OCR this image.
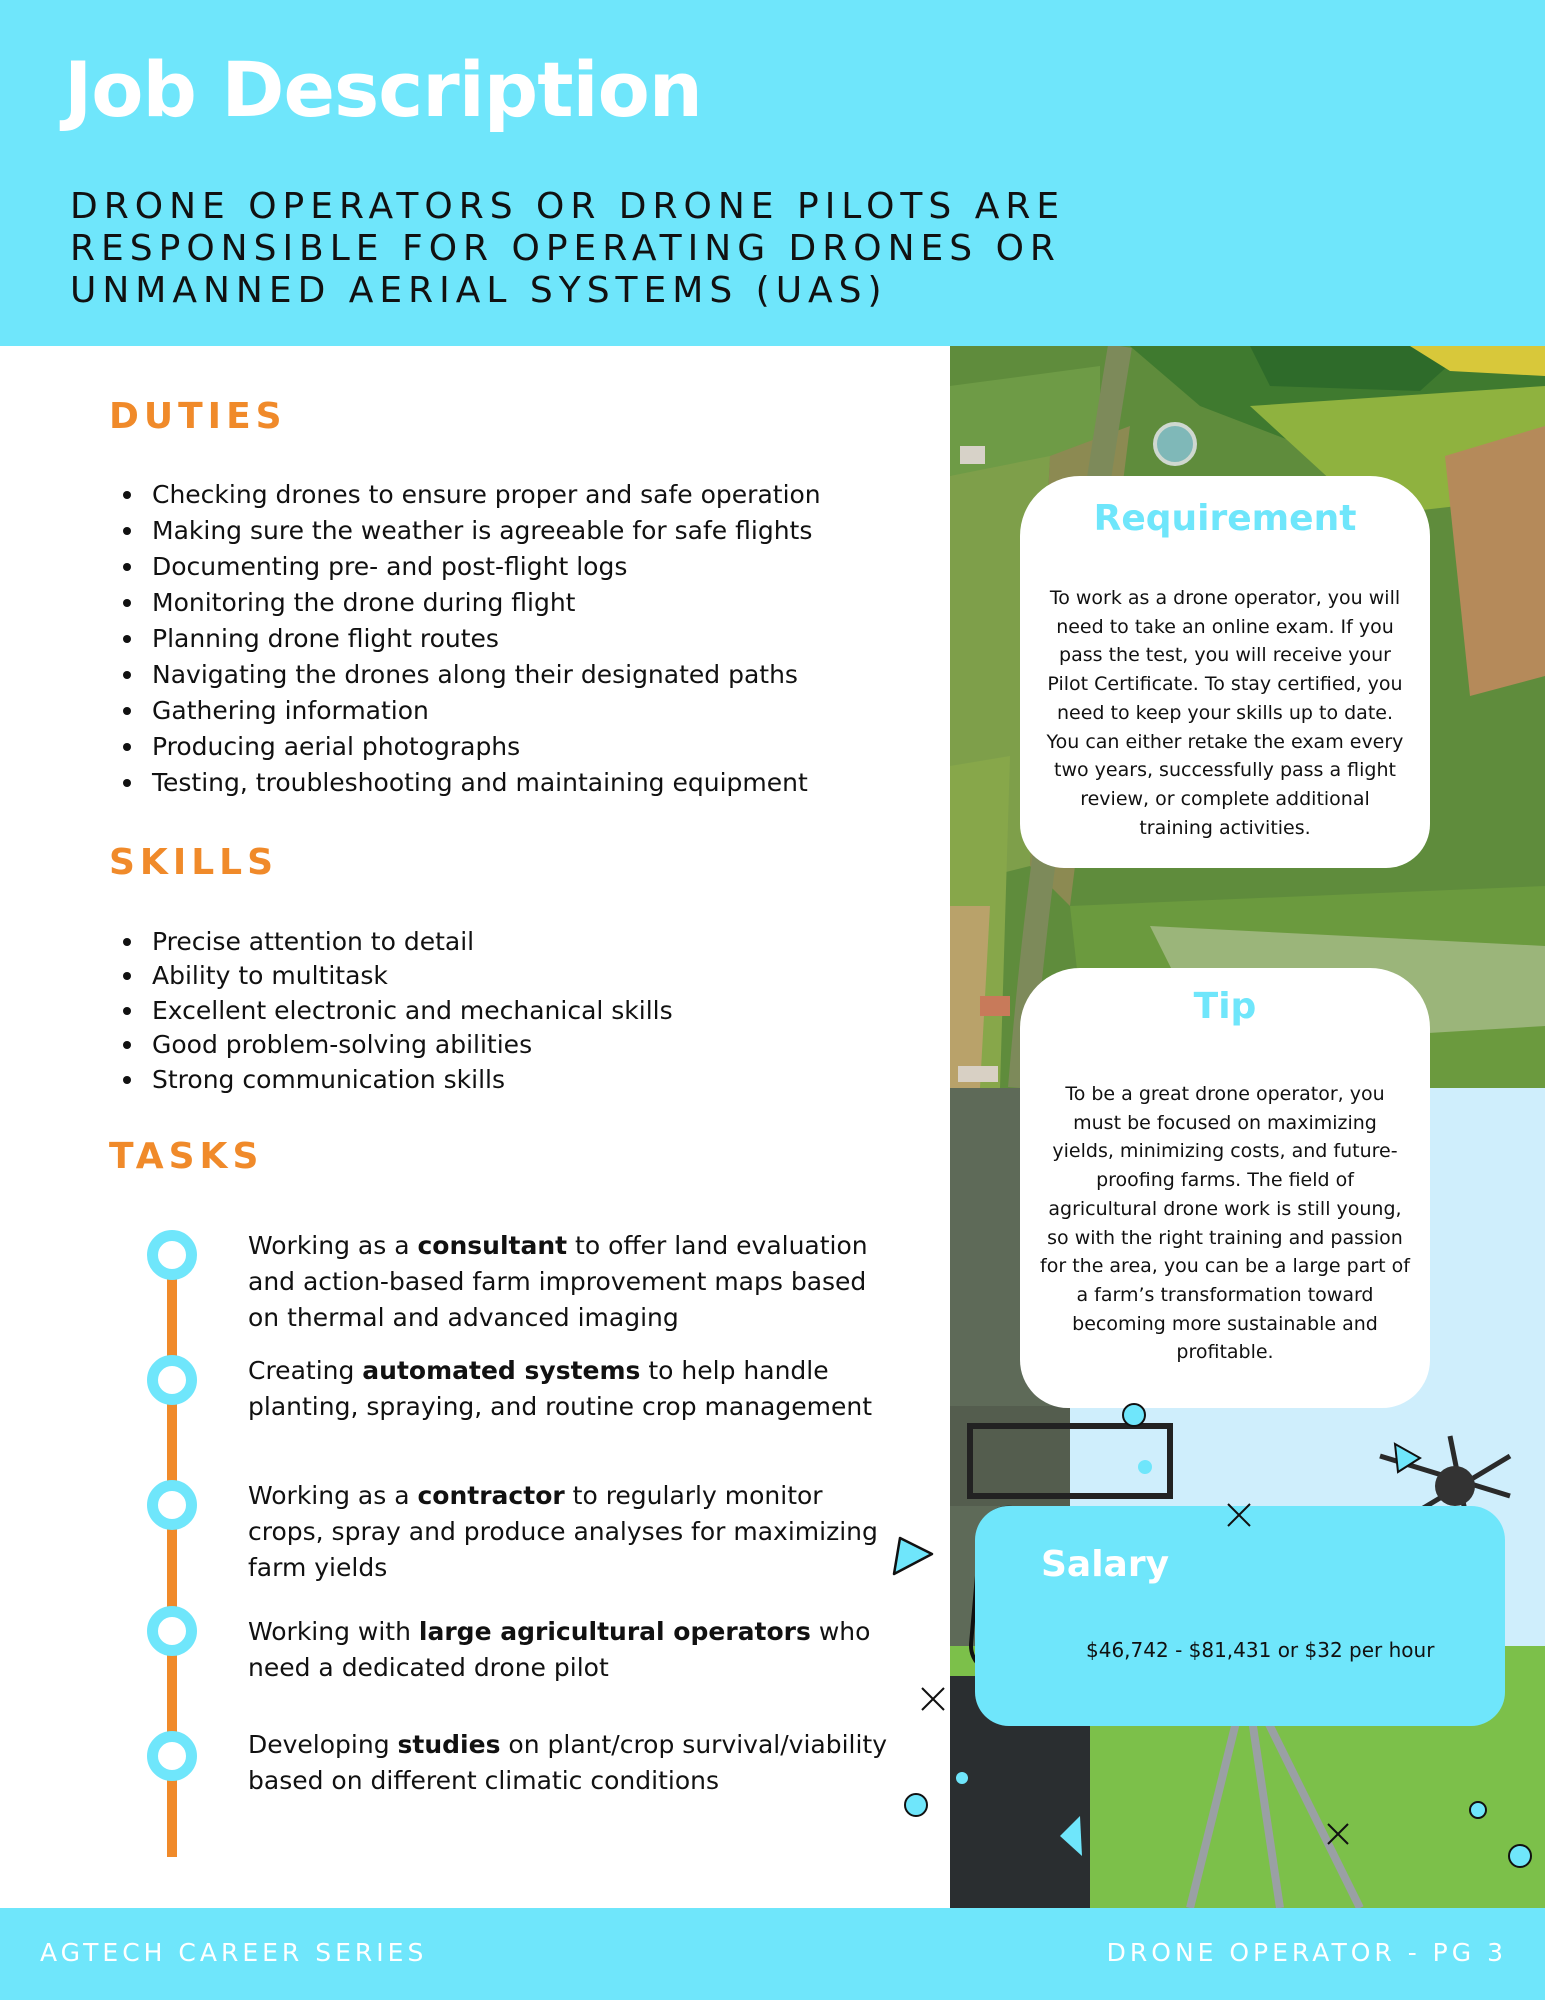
Job Description
DRONE OPERATORS OR DRONE PILOTS ARE
RESPONSIBLE FOR OPERATING DRONES OR
UNMANNED AERIAL SYSTEMS (UAS)
DUTIES
Checking drones to ensure proper and safe operation
Making sure the weather is agreeable for safe flights
Documenting pre- and post-flight logs
Monitoring the drone during flight
Planning drone flight routes
Navigating the drones along their designated paths
Gathering information
Producing aerial photographs
Testing, troubleshooting and maintaining equipment
SKILLS
Precise attention to detail
Ability to multitask
Excellent electronic and mechanical skills
Good problem-solving abilities
Strong communication skills
TASKS
Working as a consultant to offer land evaluation and action-based farm improvement maps based on thermal and advanced imaging
Creating automated systems to help handle planting, spraying, and routine crop management
Working as a contractor to regularly monitor crops, spray and produce analyses for maximizing farm yields
Working with large agricultural operators who need a dedicated drone pilot
Developing studies on plant/crop survival/viability based on different climatic conditions
Requirement
To work as a drone operator, you will need to take an online exam. If you pass the test, you will receive your Pilot Certificate. To stay certified, you need to keep your skills up to date. You can either retake the exam every two years, successfully pass a flight review, or complete additional training activities.
Tip
To be a great drone operator, you must be focused on maximizing yields, minimizing costs, and future-proofing farms. The field of agricultural drone work is still young, so with the right training and passion for the area, you can be a large part of a farm’s transformation toward becoming more sustainable and profitable.
Salary
$46,742 - $81,431 or $32 per hour
AGTECH CAREER SERIES	DRONE OPERATOR - PG 3
